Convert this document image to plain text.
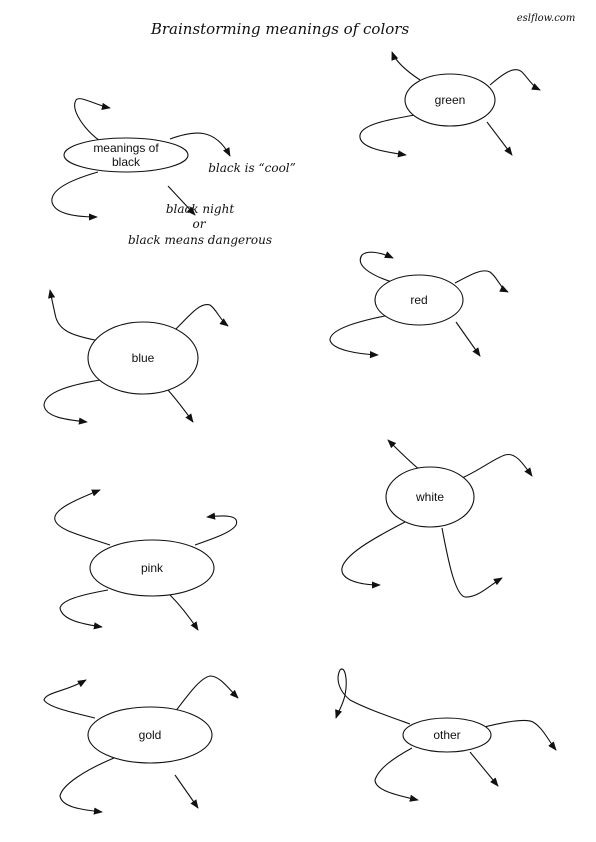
Brainstorming meanings of colors
eslflow.com
meanings of
black	black is “cool”
black night
or
black means dangerous
green
red
blue
white
pink
gold	other
